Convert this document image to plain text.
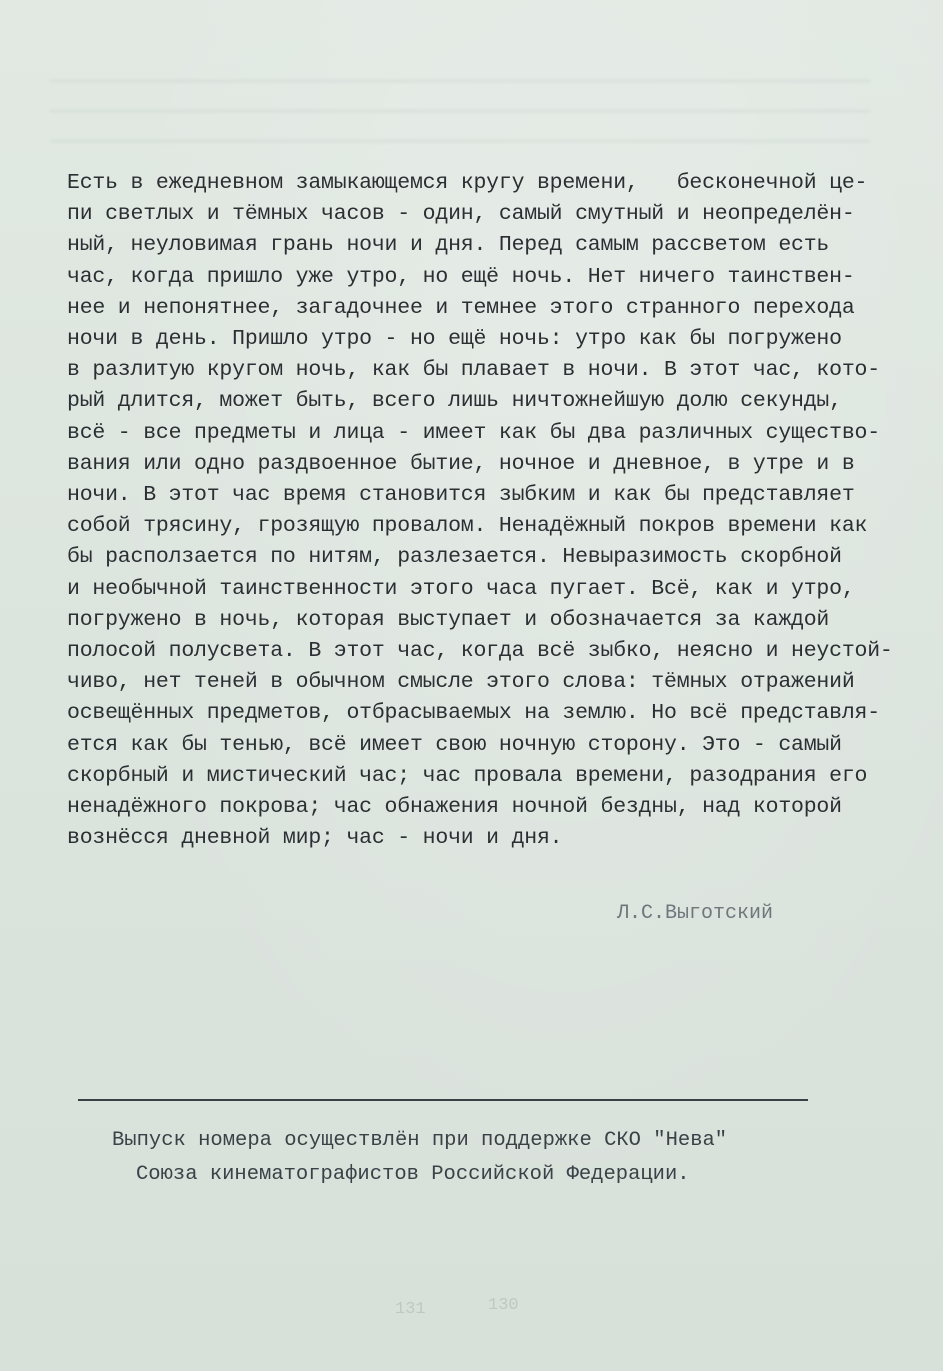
Есть в ежедневном замыкающемся кругу времени,   бесконечной це-
пи светлых и тёмных часов - один, самый смутный и неопределён-
ный, неуловимая грань ночи и дня. Перед самым рассветом есть
час, когда пришло уже утро, но ещё ночь. Нет ничего таинствен-
нее и непонятнее, загадочнее и темнее этого странного перехода
ночи в день. Пришло утро - но ещё ночь: утро как бы погружено
в разлитую кругом ночь, как бы плавает в ночи. В этот час, кото-
рый длится, может быть, всего лишь ничтожнейшую долю секунды,
всё - все предметы и лица - имеет как бы два различных существо-
вания или одно раздвоенное бытие, ночное и дневное, в утре и в
ночи. В этот час время становится зыбким и как бы представляет
собой трясину, грозящую провалом. Ненадёжный покров времени как
бы расползается по нитям, разлезается. Невыразимость скорбной
и необычной таинственности этого часа пугает. Всё, как и утро,
погружено в ночь, которая выступает и обозначается за каждой
полосой полусвета. В этот час, когда всё зыбко, неясно и неустой-
чиво, нет теней в обычном смысле этого слова: тёмных отражений
освещённых предметов, отбрасываемых на землю. Но всё представля-
ется как бы тенью, всё имеет свою ночную сторону. Это - самый
скорбный и мистический час; час провала времени, разодрания его
ненадёжного покрова; час обнажения ночной бездны, над которой
вознёсся дневной мир; час - ночи и дня.
Л.С.Выготский
Выпуск номера осуществлён при поддержке СКО "Нева"
Союза кинематографистов Российской Федерации.
131	130
